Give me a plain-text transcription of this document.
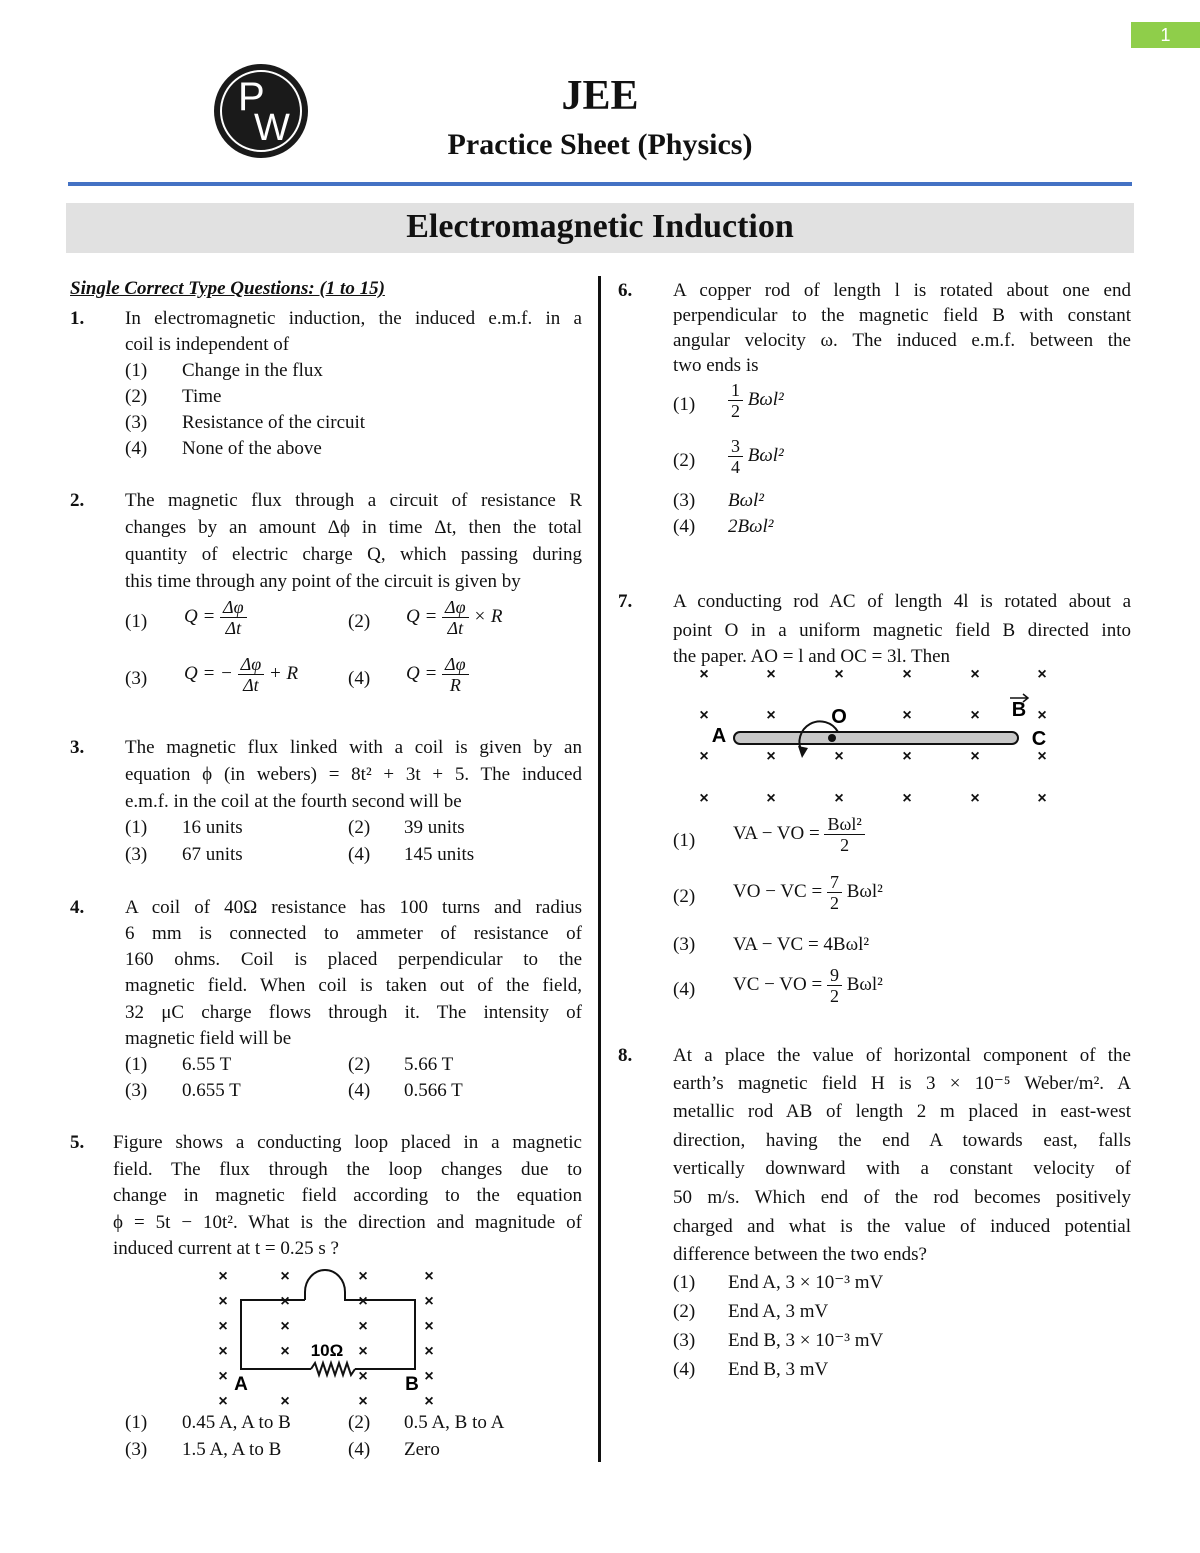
1
P
W
JEE
Practice Sheet (Physics)
Electromagnetic Induction
Single Correct Type Questions: (1 to 15)
1. In electromagnetic induction, the induced e.m.f. in a
coil is independent of
(1) Change in the flux
(2) Time
(3) Resistance of the circuit
(4) None of the above
2. The magnetic flux through a circuit of resistance R
changes by an amount Δϕ in time Δt, then the total
quantity of electric charge Q, which passing during
this time through any point of the circuit is given by
(1) $Q = \frac{\Delta\varphi}{\Delta t}$	(2) $Q = \frac{\Delta\varphi}{\Delta t} \times R$
(3) Q = − $\frac{\Delta\varphi}{\Delta t} + R$	(4) $Q = \frac{\Delta\varphi}{R}$
3. The magnetic flux linked with a coil is given by an
equation ϕ (in webers) = 8t² + 3t + 5. The induced
e.m.f. in the coil at the fourth second will be
(1) 16 units	(2) 39 units
(3) 67 units	(4) 145 units
4. A coil of 40Ω resistance has 100 turns and radius
6 mm is connected to ammeter of resistance of
160 ohms. Coil is placed perpendicular to the
magnetic field. When coil is taken out of the field,
32 μC charge flows through it. The intensity of
magnetic field will be
(1) 6.55 T	(2) 5.66 T
(3) 0.655 T	(4) 0.566 T
5. Figure shows a conducting loop placed in a magnetic
field. The flux through the loop changes due to
change in magnetic field according to the equation
ϕ = 5t − 10t². What is the direction and magnitude of
induced current at t = 0.25 s ?
×	×	×	×
×	×	×	×
×	×	×	×
×	×	×	×
×	×	×
×	×	×	×
10Ω
A	B
(1) 0.45 A, A to B	(2) 0.5 A, B to A
(3) 1.5 A, A to B	(4) Zero
6. A copper rod of length l is rotated about one end
perpendicular to the magnetic field B with constant
angular velocity ω. The induced e.m.f. between the
two ends is
$(1) \frac{1}{2} B\omega l^2$
$(2) \frac{3}{4} B\omega l^2$
(3) Bωl²
(4) 2Bωl²
7. A conducting rod AC of length 4l is rotated about a
point O in a uniform magnetic field B directed into
the paper. AO = l and OC = 3l. Then
×	×	×	×	×	×
×	×	×	×	×
×	×	×	×	×	×
×	×	×	×	×	×
A
O
C
B
(1) VA − VO = $\frac{\text{Bωl²}}{2}$
(2) VO − VC = $\frac{7}{2} B\omega l^2$
(3) VA − VC = 4Bωl²
(4) VC − VO = $\frac{9}{2} B\omega l^2$
8. At a place the value of horizontal component of the
earth’s magnetic field H is 3 × 10⁻⁵ Weber/m². A
metallic rod AB of length 2 m placed in east-west
direction, having the end A towards east, falls
vertically downward with a constant velocity of
50 m/s. Which end of the rod becomes positively
charged and what is the value of induced potential
difference between the two ends?
(1) End A, 3 × 10⁻³ mV
(2) End A, 3 mV
(3) End B, 3 × 10⁻³ mV
(4) End B, 3 mV
